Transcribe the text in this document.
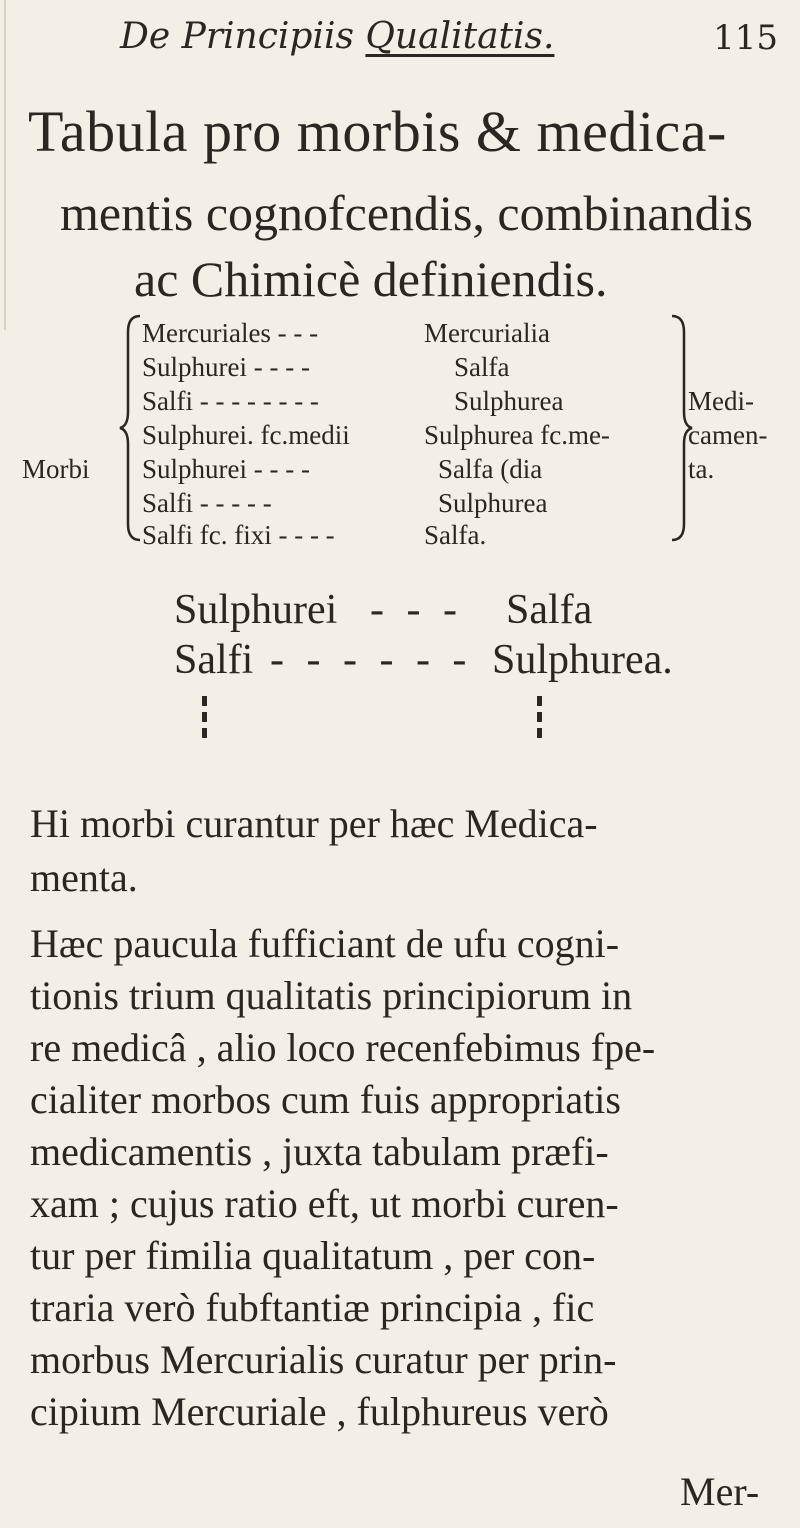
De Principiis Qualitatis.	115
Tabula pro morbis & medica-
mentis cognofcendis, combinandis
ac Chimicè definiendis.
Morbi
Mercuriales - - -	Mercurialia
Sulphurei - - - -	Salfa
Salfi - - - - - - - -	Sulphurea
Sulphurei. fc.medii	Sulphurea fc.me-
Sulphurei - - - -	Salfa (dia
Salfi - - - - -	Sulphurea
Salfi fc. fixi - - - -	Salfa.
Medi-
camen-
ta.
Sulphurei - - - Salfa
Salfi - - - - - - Sulphurea.
Hi morbi curantur per hæc Medica-
menta.
Hæc paucula fufficiant de ufu cogni-
tionis trium qualitatis principiorum in
re medicâ , alio loco recenfebimus fpe-
cialiter morbos cum fuis appropriatis
medicamentis , juxta tabulam præfi-
xam ; cujus ratio eft, ut morbi curen-
tur per fimilia qualitatum , per con-
traria verò fubftantiæ principia , fic
morbus Mercurialis curatur per prin-
cipium Mercuriale , fulphureus verò
Mer-
